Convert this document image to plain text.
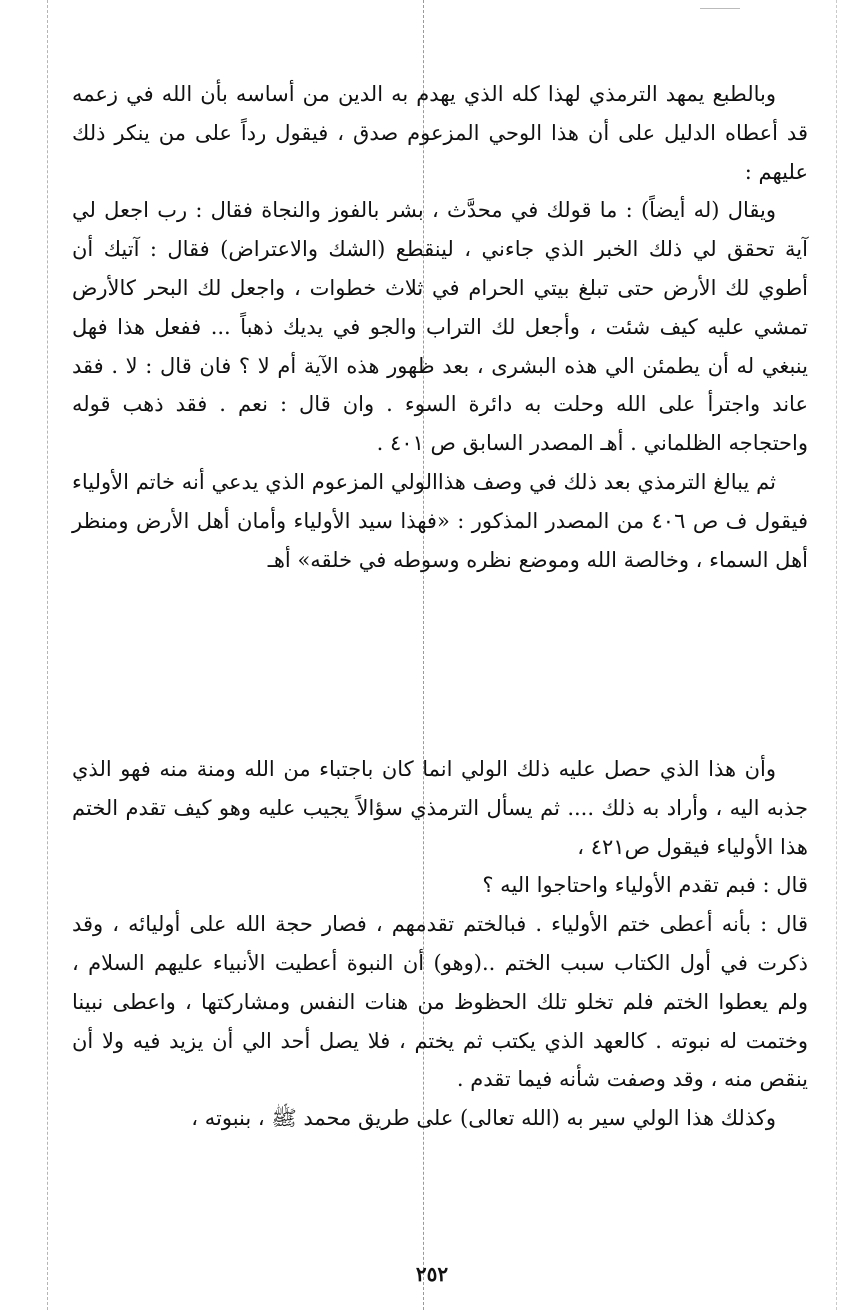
وبالطبع يمهد الترمذي لهذا كله الذي يهدم به الدين من أساسه بأن الله في زعمه قد أعطاه الدليل على أن هذا الوحي المزعوم صدق ، فيقول رداً على من ينكر ذلك عليهم :

ويقال (له أيضاً) : ما قولك في محدَّث ، بشر بالفوز والنجاة فقال : رب اجعل لي آية تحقق لي ذلك الخبر الذي جاءني ، لينقطع (الشك والاعتراض) فقال : آتيك أن أطوي لك الأرض حتى تبلغ بيتي الحرام في ثلاث خطوات ، واجعل لك البحر كالأرض تمشي عليه كيف شئت ، وأجعل لك التراب والجو في يديك ذهباً ... ففعل هذا فهل ينبغي له أن يطمئن الي هذه البشرى ، بعد ظهور هذه الآية أم لا ؟ فان قال : لا . فقد عاند واجترأ على الله وحلت به دائرة السوء . وان قال : نعم . فقد ذهب قوله واحتجاجه الظلماني . أهـ المصدر السابق ص ٤٠١ .

ثم يبالغ الترمذي بعد ذلك في وصف هذاالولي المزعوم الذي يدعي أنه خاتم الأولياء فيقول ف ص ٤٠٦ من المصدر المذكور : «فهذا سيد الأولياء وأمان أهل الأرض ومنظر أهل السماء ، وخالصة الله وموضع نظره وسوطه في خلقه» أهـ

وأن هذا الذي حصل عليه ذلك الولي انما كان باجتباء من الله ومنة منه فهو الذي جذبه اليه ، وأراد به ذلك .... ثم يسأل الترمذي سؤالاً يجيب عليه وهو كيف تقدم الختم هذا الأولياء فيقول ص٤٢١ ،

قال : فبم تقدم الأولياء واحتاجوا اليه ؟

قال : بأنه أعطى ختم الأولياء . فبالختم تقدمهم ، فصار حجة الله على أوليائه ، وقد ذكرت في أول الكتاب سبب الختم ..(وهو) أن النبوة أعطيت الأنبياء عليهم السلام ، ولم يعطوا الختم فلم تخلو تلك الحظوظ من هنات النفس ومشاركتها ، واعطى نبينا وختمت له نبوته . كالعهد الذي يكتب ثم يختم ، فلا يصل أحد الي أن يزيد فيه ولا أن ينقص منه ، وقد وصفت شأنه فيما تقدم .

وكذلك هذا الولي سير به (الله تعالى) على طريق محمد ﷺ ، بنبوته ،

٢٥٢
